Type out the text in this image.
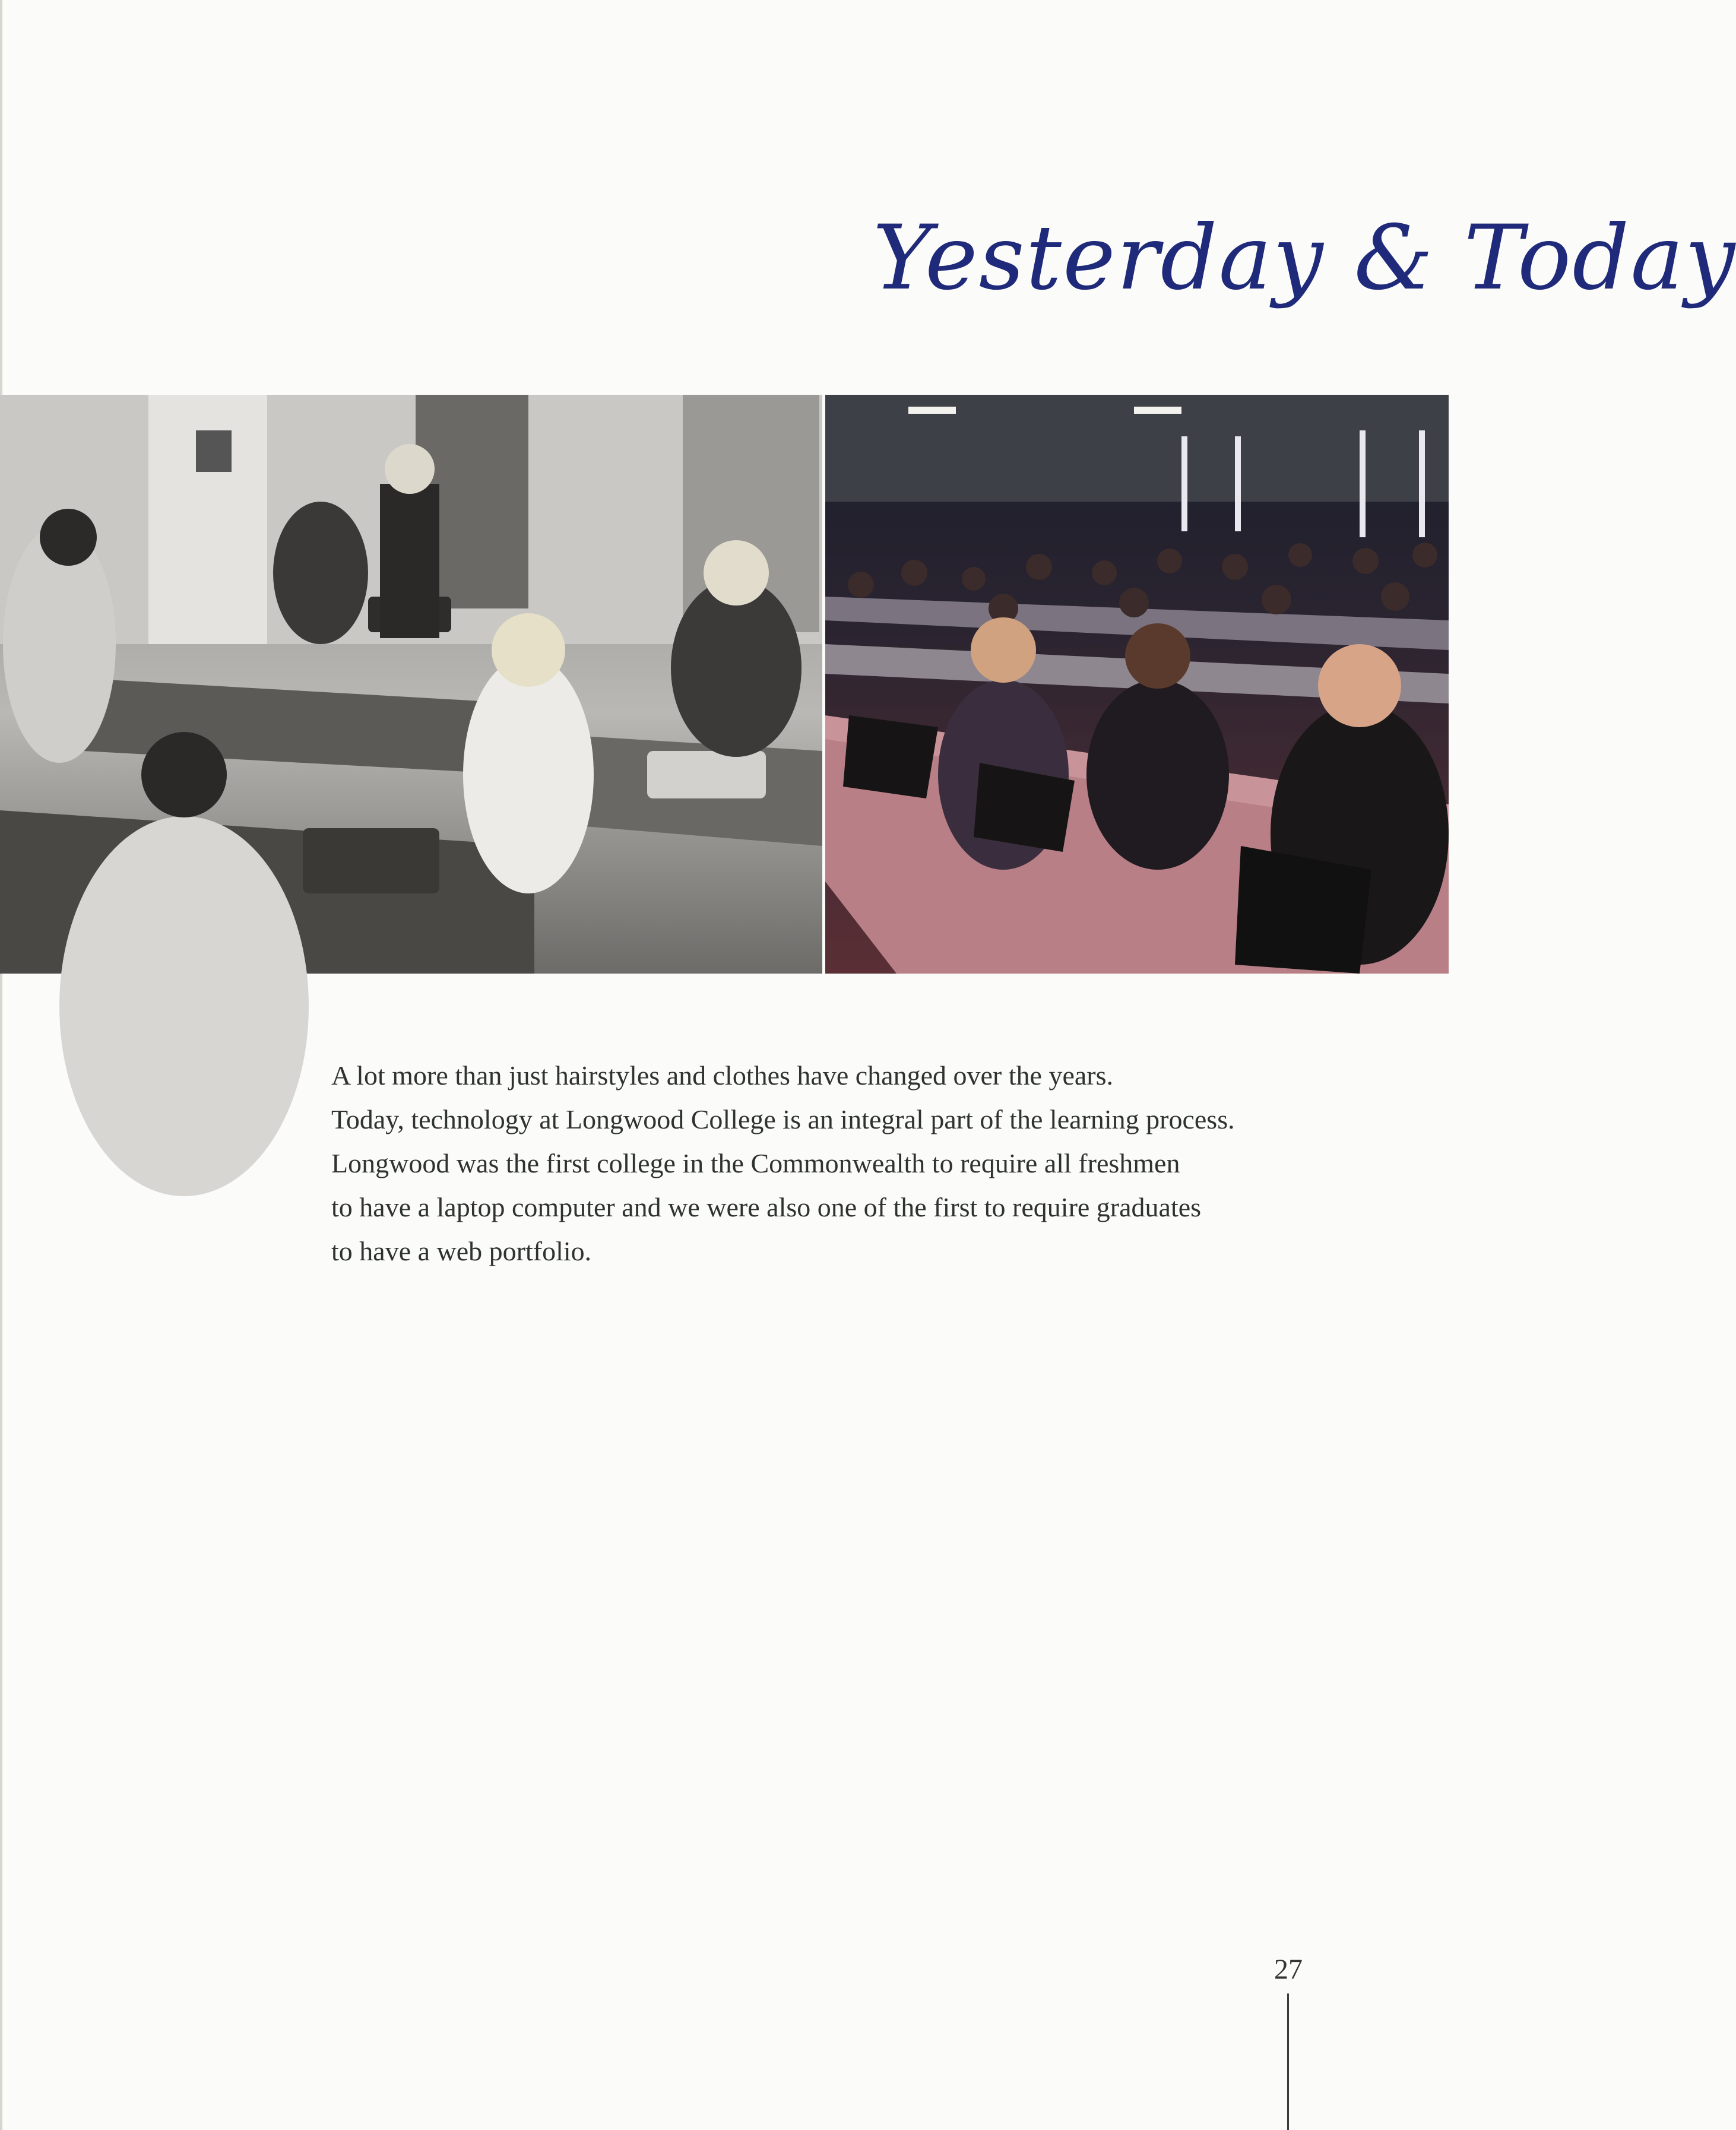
Yesterday & Today

A lot more than just hairstyles and clothes have changed over the years.

Today, technology at Longwood College is an integral part of the learning process.

Longwood was the first college in the Commonwealth to require all freshmen

to have a laptop computer and we were also one of the first to require graduates

to have a web portfolio.

27
